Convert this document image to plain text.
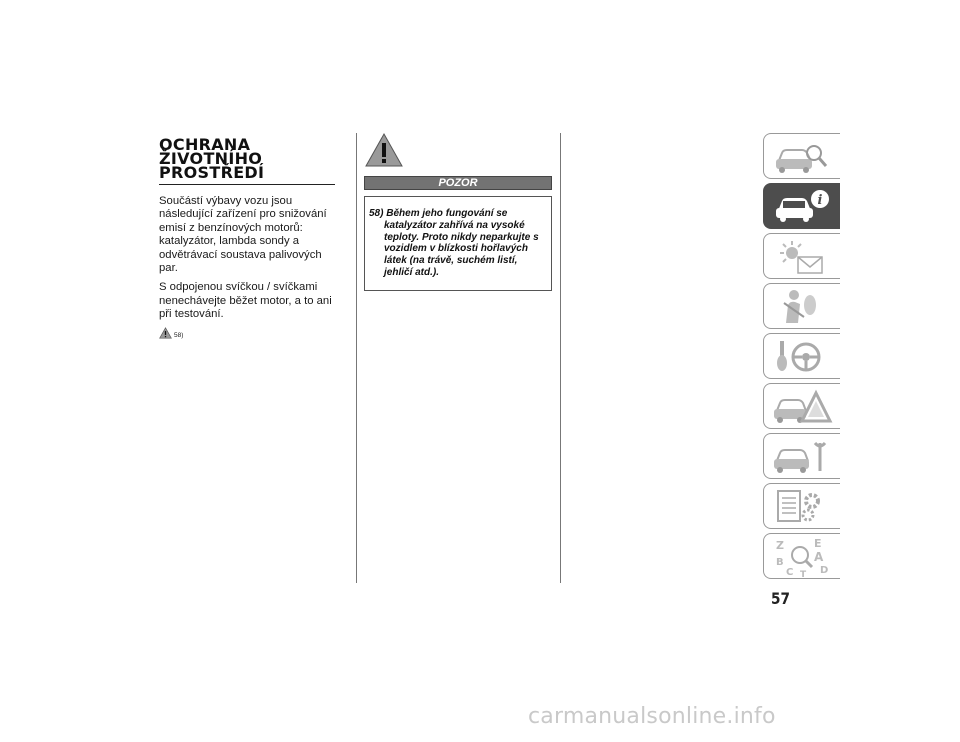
OCHRANA
ŽIVOTNÍHO
PROSTŘEDÍ

Součástí výbavy vozu jsou následující zařízení pro snižování emisí z benzínových motorů: katalyzátor, lambda sondy a odvětrávací soustava palivových par.

S odpojenou svíčkou / svíčkami nenechávejte běžet motor, a to ani při testování.

58)
POZOR
58) Během jeho fungování se katalyzátor zahřívá na vysoké teploty. Proto nikdy neparkujte s vozidlem v blízkosti hořlavých látek (na trávě, suchém listí, jehličí atd.).
i
Z	E
B	A
C	D
T
57
carmanualsonline.info
